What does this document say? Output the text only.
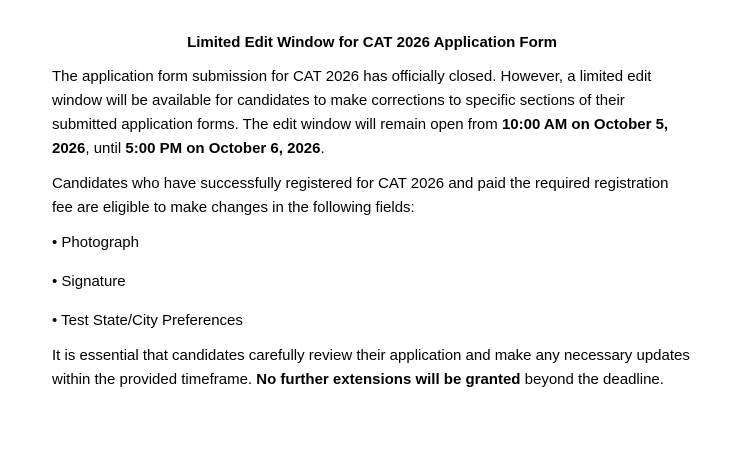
Limited Edit Window for CAT 2026 Application Form

The application form submission for CAT 2026 has officially closed. However, a limited edit window will be available for candidates to make corrections to specific sections of their submitted application forms. The edit window will remain open from 10:00 AM on October 5, 2026, until 5:00 PM on October 6, 2026.

Candidates who have successfully registered for CAT 2026 and paid the required registration fee are eligible to make changes in the following fields:

• Photograph
• Signature
• Test State/City Preferences

It is essential that candidates carefully review their application and make any necessary updates within the provided timeframe. No further extensions will be granted beyond the deadline.
